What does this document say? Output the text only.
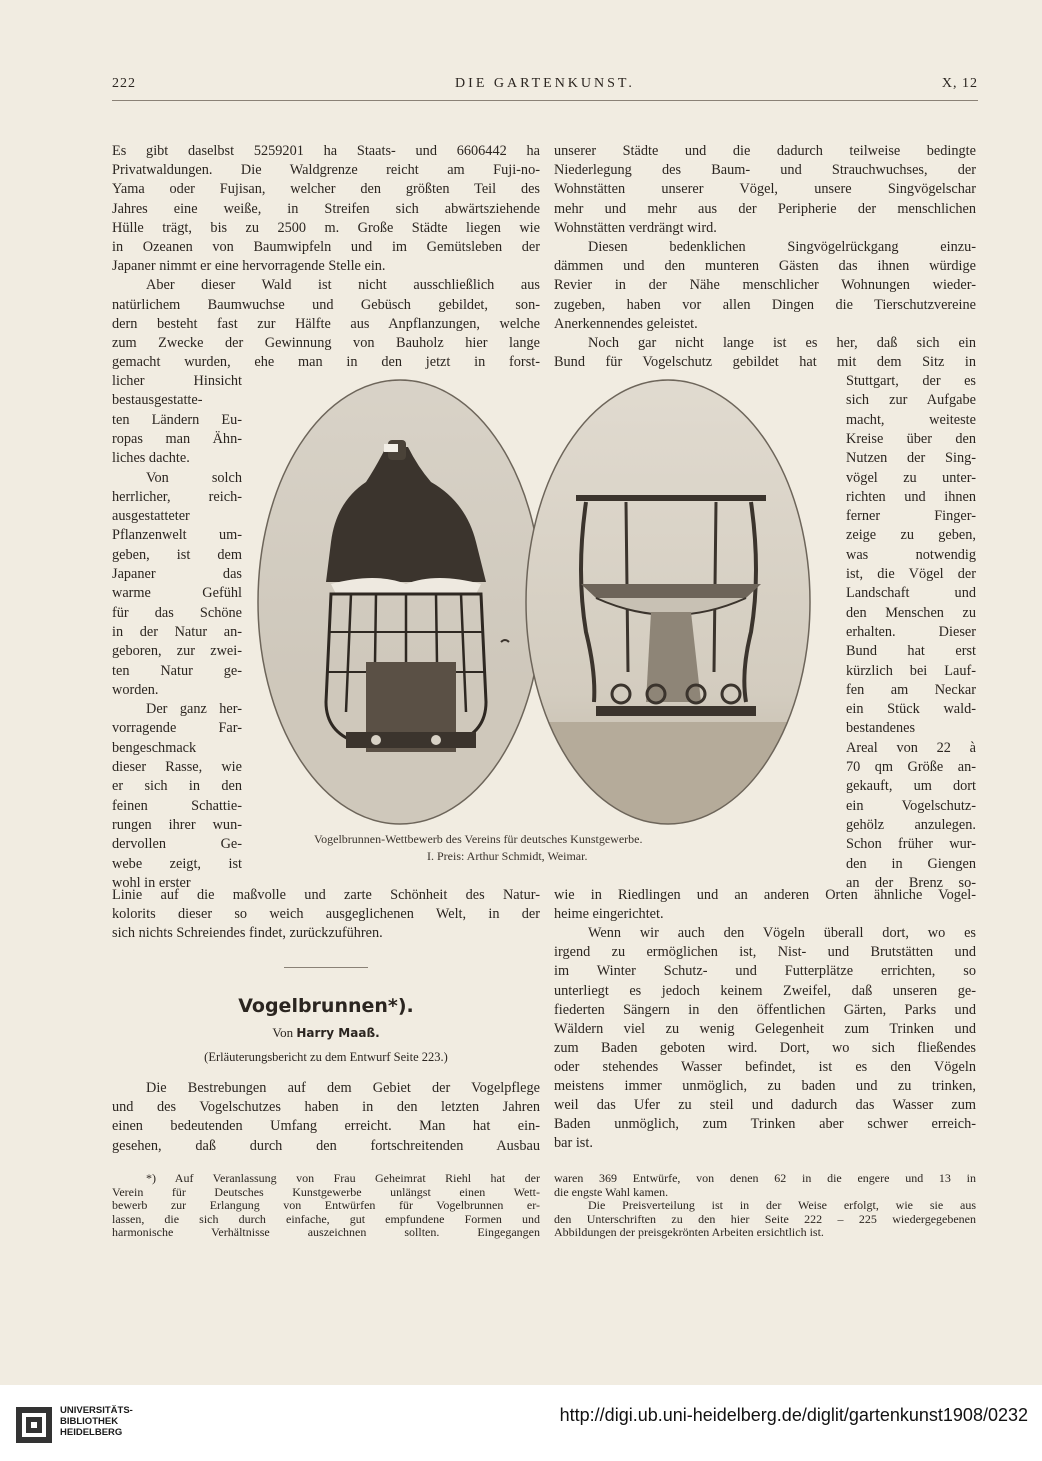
222	DIE GARTENKUNST.	X, 12
Es gibt daselbst 5259201 ha Staats- und 6606442 ha
Privatwaldungen. Die Waldgrenze reicht am Fuji-no-
Yama oder Fujisan, welcher den größten Teil des
Jahres eine weiße, in Streifen sich abwärtsziehende
Hülle trägt, bis zu 2500 m. Große Städte liegen wie
in Ozeanen von Baumwipfeln und im Gemütsleben der
Japaner nimmt er eine hervorragende Stelle ein.
Aber dieser Wald ist nicht ausschließlich aus
natürlichem Baumwuchse und Gebüsch gebildet, son-
dern besteht fast zur Hälfte aus Anpflanzungen, welche
zum Zwecke der Gewinnung von Bauholz hier lange
gemacht wurden, ehe man in den jetzt in forst-
licher Hinsicht
bestausgestatte-
ten Ländern Eu-
ropas man Ähn-
liches dachte.
Von solch
herrlicher, reich-
ausgestatteter
Pflanzenwelt um-
geben, ist dem
Japaner das
warme Gefühl
für das Schöne
in der Natur an-
geboren, zur zwei-
ten Natur ge-
worden.
Der ganz her-
vorragende Far-
bengeschmack
dieser Rasse, wie
er sich in den
feinen Schattie-
rungen ihrer wun-
dervollen Ge-
webe zeigt, ist
wohl in erster
Linie auf die maßvolle und zarte Schönheit des Natur-
kolorits dieser so weich ausgeglichenen Welt, in der
sich nichts Schreiendes findet, zurückzuführen.
Die Bestrebungen auf dem Gebiet der Vogelpflege
und des Vogelschutzes haben in den letzten Jahren
einen bedeutenden Umfang erreicht. Man hat ein-
gesehen, daß durch den fortschreitenden Ausbau
unserer Städte und die dadurch teilweise bedingte
Niederlegung des Baum- und Strauchwuchses, der
Wohnstätten unserer Vögel, unsere Singvögelschar
mehr und mehr aus der Peripherie der menschlichen
Wohnstätten verdrängt wird.
Diesen bedenklichen Singvögelrückgang einzu-
dämmen und den munteren Gästen das ihnen würdige
Revier in der Nähe menschlicher Wohnungen wieder-
zugeben, haben vor allen Dingen die Tierschutzvereine
Anerkennendes geleistet.
Noch gar nicht lange ist es her, daß sich ein
Bund für Vogelschutz gebildet hat mit dem Sitz in
Stuttgart, der es
sich zur Aufgabe
macht, weiteste
Kreise über den
Nutzen der Sing-
vögel zu unter-
richten und ihnen
ferner Finger-
zeige zu geben,
was notwendig
ist, die Vögel der
Landschaft und
den Menschen zu
erhalten. Dieser
Bund hat erst
kürzlich bei Lauf-
fen am Neckar
ein Stück wald-
bestandenes
Areal von 22 à
70 qm Größe an-
gekauft, um dort
ein Vogelschutz-
gehölz anzulegen.
Schon früher wur-
den in Giengen
an der Brenz so-
wie in Riedlingen und an anderen Orten ähnliche Vogel-
heime eingerichtet.
Wenn wir auch den Vögeln überall dort, wo es
irgend zu ermöglichen ist, Nist- und Brutstätten und
im Winter Schutz- und Futterplätze errichten, so
unterliegt es jedoch keinem Zweifel, daß unseren ge-
fiederten Sängern in den öffentlichen Gärten, Parks und
Wäldern viel zu wenig Gelegenheit zum Trinken und
zum Baden geboten wird. Dort, wo sich fließendes
oder stehendes Wasser befindet, ist es den Vögeln
meistens immer unmöglich, zu baden und zu trinken,
weil das Ufer zu steil und dadurch das Wasser zum
Baden unmöglich, zum Trinken aber schwer erreich-
bar ist.
Vogelbrunnen-Wettbewerb des Vereins für deutsches Kunstgewerbe.
I. Preis: Arthur Schmidt, Weimar.
Vogelbrunnen*).
Von Harry Maaß.
(Erläuterungsbericht zu dem Entwurf Seite 223.)
*) Auf Veranlassung von Frau Geheimrat Riehl hat der
Verein für Deutsches Kunstgewerbe unlängst einen Wett-
bewerb zur Erlangung von Entwürfen für Vogelbrunnen er-
lassen, die sich durch einfache, gut empfundene Formen und
harmonische Verhältnisse auszeichnen sollten. Eingegangen
waren 369 Entwürfe, von denen 62 in die engere und 13 in
die engste Wahl kamen.
Die Preisverteilung ist in der Weise erfolgt, wie sie aus
den Unterschriften zu den hier Seite 222 – 225 wiedergegebenen
Abbildungen der preisgekrönten Arbeiten ersichtlich ist.
UNIVERSITÄTS-
BIBLIOTHEK
HEIDELBERG
http://digi.ub.uni-heidelberg.de/diglit/gartenkunst1908/0232
